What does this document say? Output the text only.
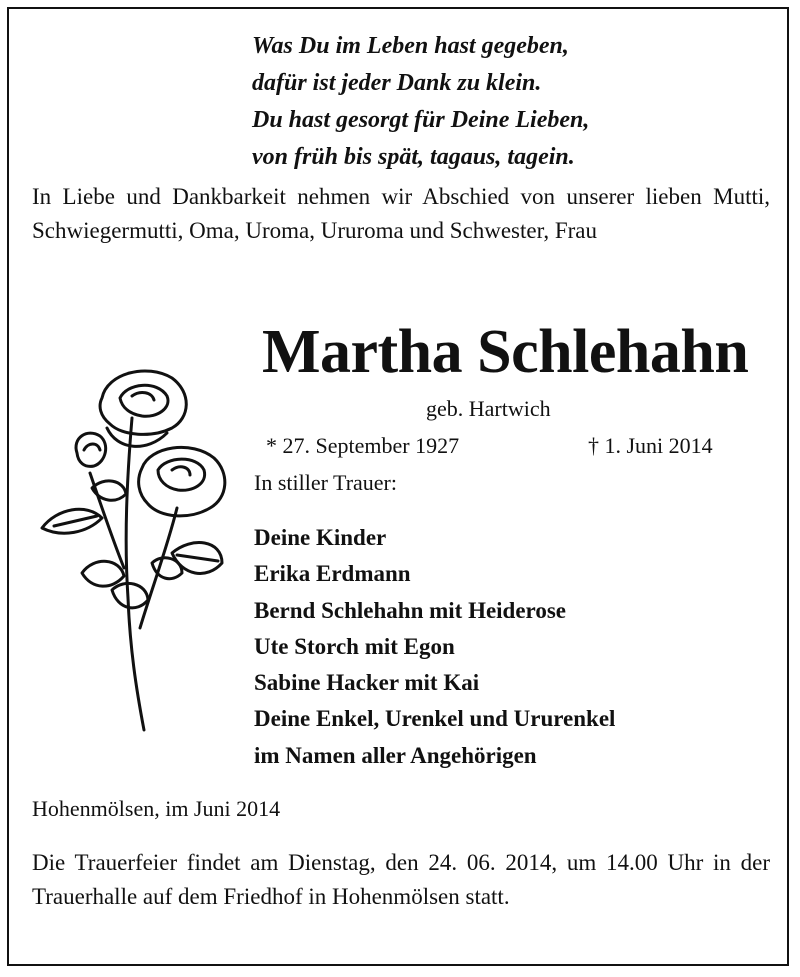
Was Du im Leben hast gegeben,
dafür ist jeder Dank zu klein.
Du hast gesorgt für Deine Lieben,
von früh bis spät, tagaus, tagein.
In Liebe und Dankbarkeit nehmen wir Abschied von unserer lieben Mutti, Schwiegermutti, Oma, Uroma, Ururoma und Schwester, Frau
Martha Schlehahn
geb. Hartwich
* 27. September 1927	† 1. Juni 2014
In stiller Trauer:
Deine Kinder
Erika Erdmann
Bernd Schlehahn mit Heiderose
Ute Storch mit Egon
Sabine Hacker mit Kai
Deine Enkel, Urenkel und Ururenkel
im Namen aller Angehörigen
Hohenmölsen, im Juni 2014
Die Trauerfeier findet am Dienstag, den 24. 06. 2014, um 14.00 Uhr in der Trauerhalle auf dem Friedhof in Hohenmölsen statt.
